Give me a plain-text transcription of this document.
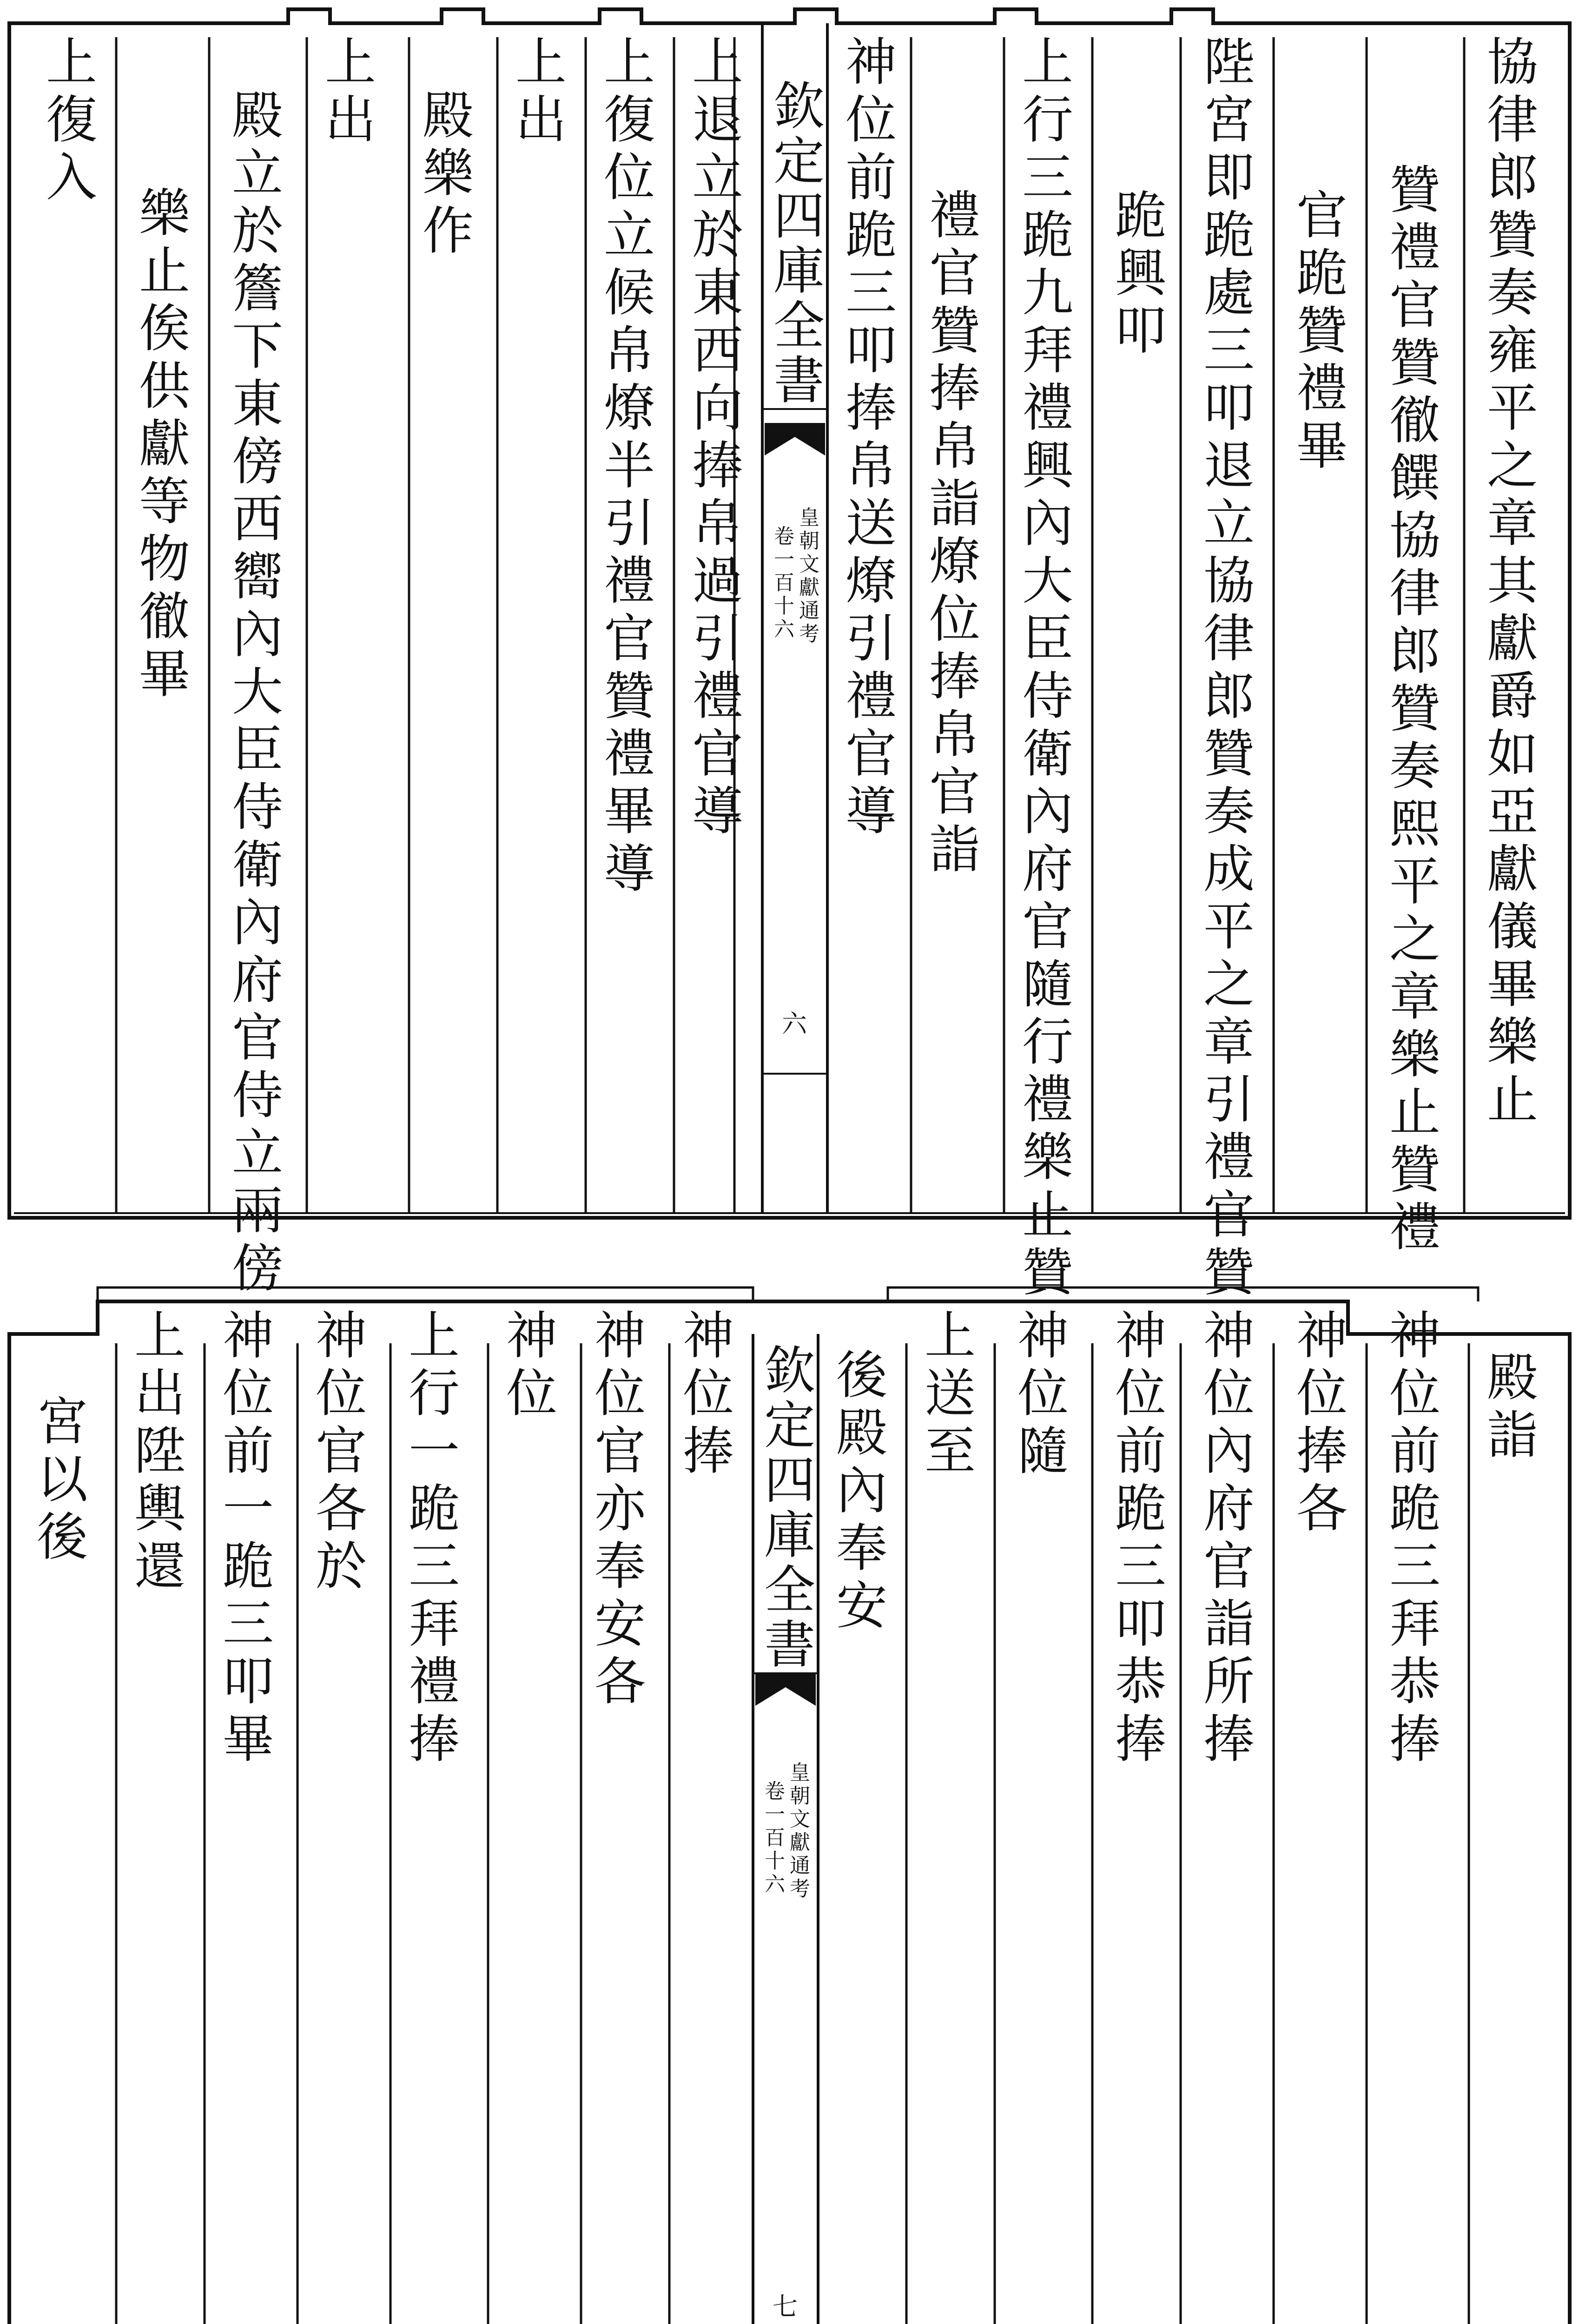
協律郎贊奏雍平之章其獻爵如亞獻儀畢樂止
贊禮官贊徹饌協律郎贊奏熙平之章樂止贊禮
官跪贊禮畢
陛宮即跪處三叩退立協律郎贊奏成平之章引禮官贊
跪興叩
上行三跪九拜禮興內大臣侍衛內府官隨行禮樂止贊
禮官贊捧帛詣燎位捧帛官詣
神位前跪三叩捧帛送燎引禮官導
欽定四庫全書
皇朝文獻通考
卷一百十六
六
上退立於東西向捧帛過引禮官導
上復位立候帛燎半引禮官贊禮畢導
上出
殿樂作
上出
殿立於簷下東傍西嚮內大臣侍衛內府官侍立兩傍
樂止俟供獻等物徹畢
上復入
殿詣
神位前跪三拜恭捧
神位捧各
神位內府官詣所捧
神位前跪三叩恭捧
神位隨
上送至
後殿內奉安
欽定四庫全書
皇朝文獻通考
卷一百十六
七
神位捧
神位官亦奉安各
神位
上行一跪三拜禮捧
神位官各於
神位前一跪三叩畢
上出陞輿還
宮以後
